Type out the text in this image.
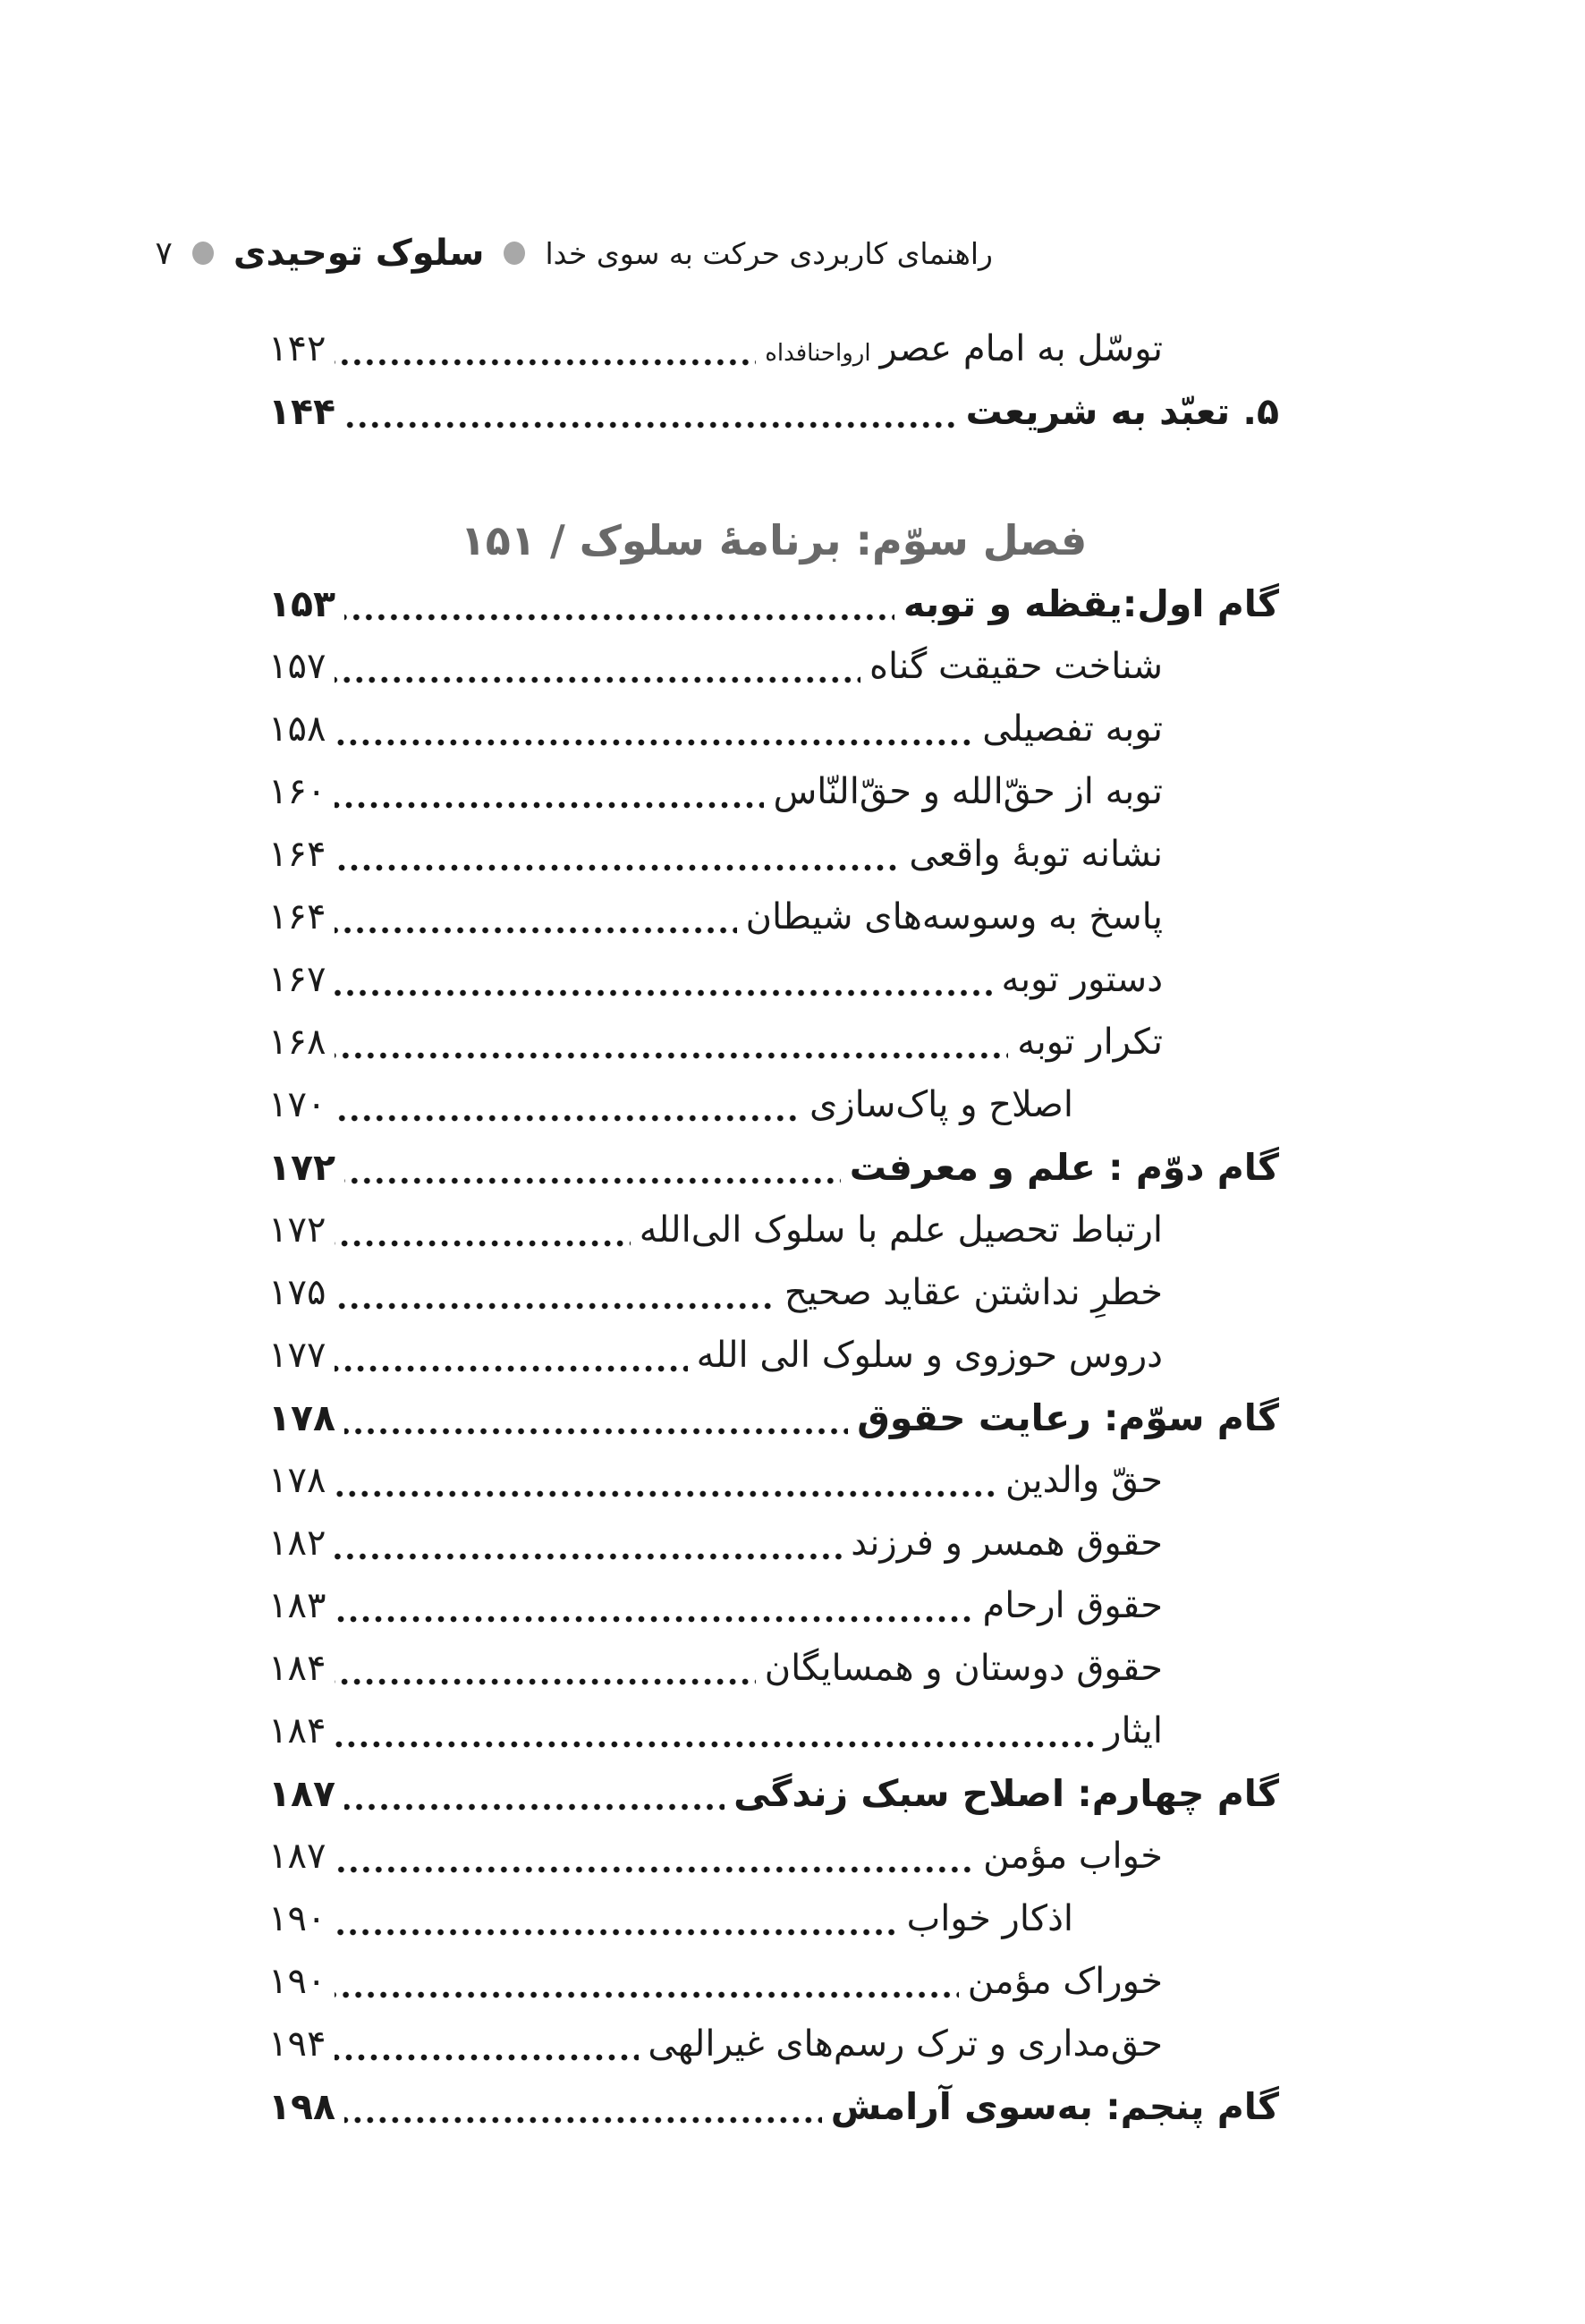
راهنمای کاربردی حرکت به سوی خدا
سلوک توحیدی
۷
توسّل به امام عصرارواحنافداه
۱۴۲
۵. تعبّد به شریعت
۱۴۴
فصل سوّم: برنامهٔ سلوک / ۱۵۱
گام اول:یقظه و توبه
۱۵۳
شناخت حقیقت گناه
۱۵۷
توبه تفصیلی
۱۵۸
توبه از حقّ‌الله و حقّ‌النّاس
۱۶۰
نشانه توبهٔ واقعی
۱۶۴
پاسخ به وسوسه‌های شیطان
۱۶۴
دستور توبه
۱۶۷
تکرار توبه
۱۶۸
اصلاح و پاک‌سازی
۱۷۰
گام دوّم : علم و معرفت
۱۷۲
ارتباط تحصیل علم با سلوک الی‌الله
۱۷۲
خطرِ نداشتن عقاید صحیح
۱۷۵
دروس حوزوی و سلوک الی الله
۱۷۷
گام سوّم: رعایت حقوق
۱۷۸
حقّ والدین
۱۷۸
حقوق همسر و فرزند
۱۸۲
حقوق ارحام
۱۸۳
حقوق دوستان و همسایگان
۱۸۴
ایثار
۱۸۴
گام چهارم: اصلاح سبک زندگی
۱۸۷
خواب مؤمن
۱۸۷
اذکار خواب
۱۹۰
خوراک مؤمن
۱۹۰
حق‌مداری و ترک رسم‌های غیرالهی
۱۹۴
گام پنجم: به‌سوی آرامش
۱۹۸
